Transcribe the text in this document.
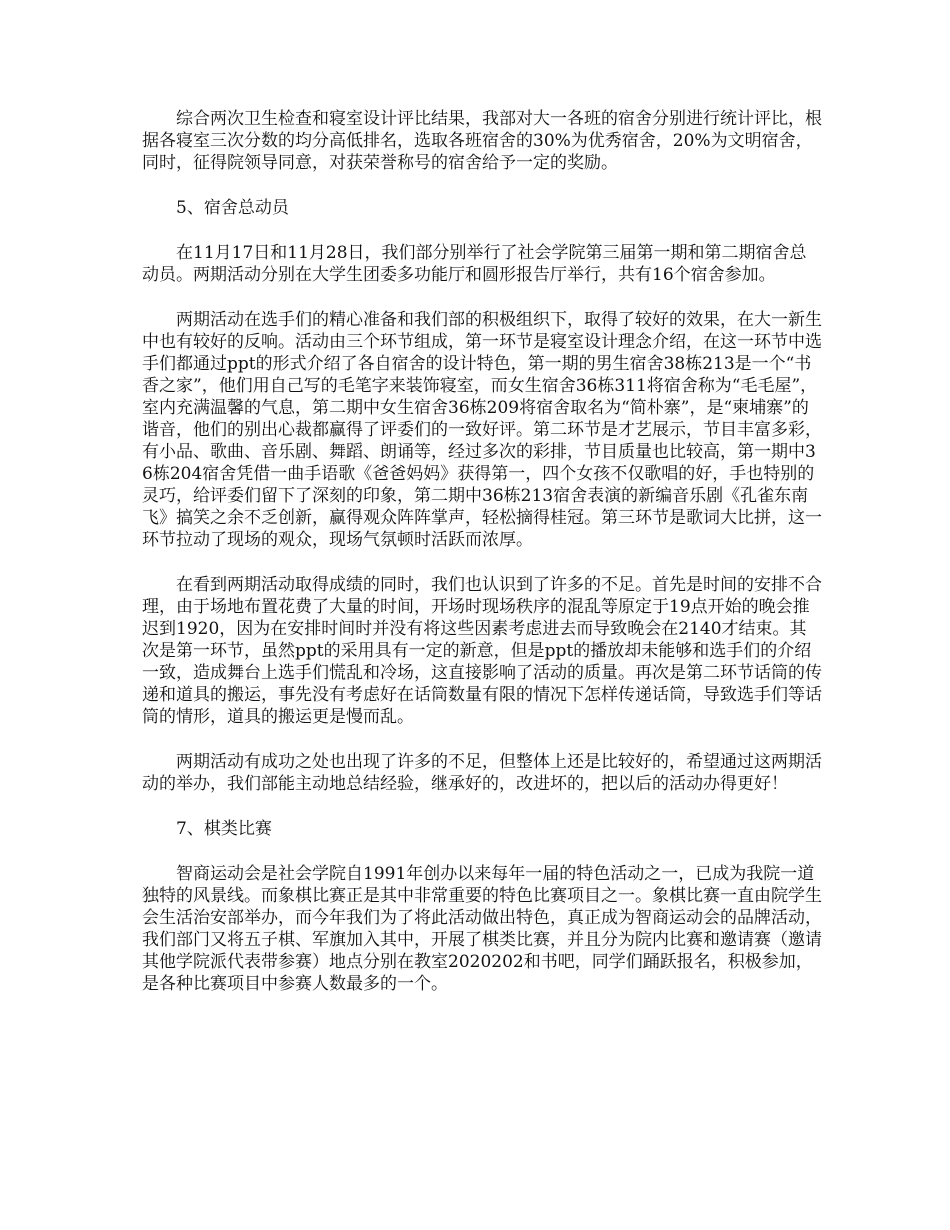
综合两次卫生检查和寝室设计评比结果，我部对大一各班的宿舍分别进行统计评比，根据各寝室三次分数的均分高低排名，选取各班宿舍的30%为优秀宿舍，20%为文明宿舍，同时，征得院领导同意，对获荣誉称号的宿舍给予一定的奖励。

5、宿舍总动员

在11月17日和11月28日，我们部分别举行了社会学院第三届第一期和第二期宿舍总动员。两期活动分别在大学生团委多功能厅和圆形报告厅举行，共有16个宿舍参加。

两期活动在选手们的精心准备和我们部的积极组织下，取得了较好的效果，在大一新生中也有较好的反响。活动由三个环节组成，第一环节是寝室设计理念介绍，在这一环节中选手们都通过ppt的形式介绍了各自宿舍的设计特色，第一期的男生宿舍38栋213是一个“书香之家”，他们用自己写的毛笔字来装饰寝室，而女生宿舍36栋311将宿舍称为“毛毛屋”，室内充满温馨的气息，第二期中女生宿舍36栋209将宿舍取名为“简朴寨”，是“柬埔寨”的谐音，他们的别出心裁都赢得了评委们的一致好评。第二环节是才艺展示，节目丰富多彩，有小品、歌曲、音乐剧、舞蹈、朗诵等，经过多次的彩排，节目质量也比较高，第一期中36栋204宿舍凭借一曲手语歌《爸爸妈妈》获得第一，四个女孩不仅歌唱的好，手也特别的灵巧，给评委们留下了深刻的印象，第二期中36栋213宿舍表演的新编音乐剧《孔雀东南飞》搞笑之余不乏创新，赢得观众阵阵掌声，轻松摘得桂冠。第三环节是歌词大比拼，这一环节拉动了现场的观众，现场气氛顿时活跃而浓厚。

在看到两期活动取得成绩的同时，我们也认识到了许多的不足。首先是时间的安排不合理，由于场地布置花费了大量的时间，开场时现场秩序的混乱等原定于19点开始的晚会推迟到1920，因为在安排时间时并没有将这些因素考虑进去而导致晚会在2140才结束。其次是第一环节，虽然ppt的采用具有一定的新意，但是ppt的播放却未能够和选手们的介绍一致，造成舞台上选手们慌乱和冷场，这直接影响了活动的质量。再次是第二环节话筒的传递和道具的搬运，事先没有考虑好在话筒数量有限的情况下怎样传递话筒，导致选手们等话筒的情形，道具的搬运更是慢而乱。

两期活动有成功之处也出现了许多的不足，但整体上还是比较好的，希望通过这两期活动的举办，我们部能主动地总结经验，继承好的，改进坏的，把以后的活动办得更好！

7、棋类比赛

智商运动会是社会学院自1991年创办以来每年一届的特色活动之一，已成为我院一道独特的风景线。而象棋比赛正是其中非常重要的特色比赛项目之一。象棋比赛一直由院学生会生活治安部举办，而今年我们为了将此活动做出特色，真正成为智商运动会的品牌活动，我们部门又将五子棋、军旗加入其中，开展了棋类比赛，并且分为院内比赛和邀请赛（邀请其他学院派代表带参赛）地点分别在教室2020202和书吧，同学们踊跃报名，积极参加，是各种比赛项目中参赛人数最多的一个。
